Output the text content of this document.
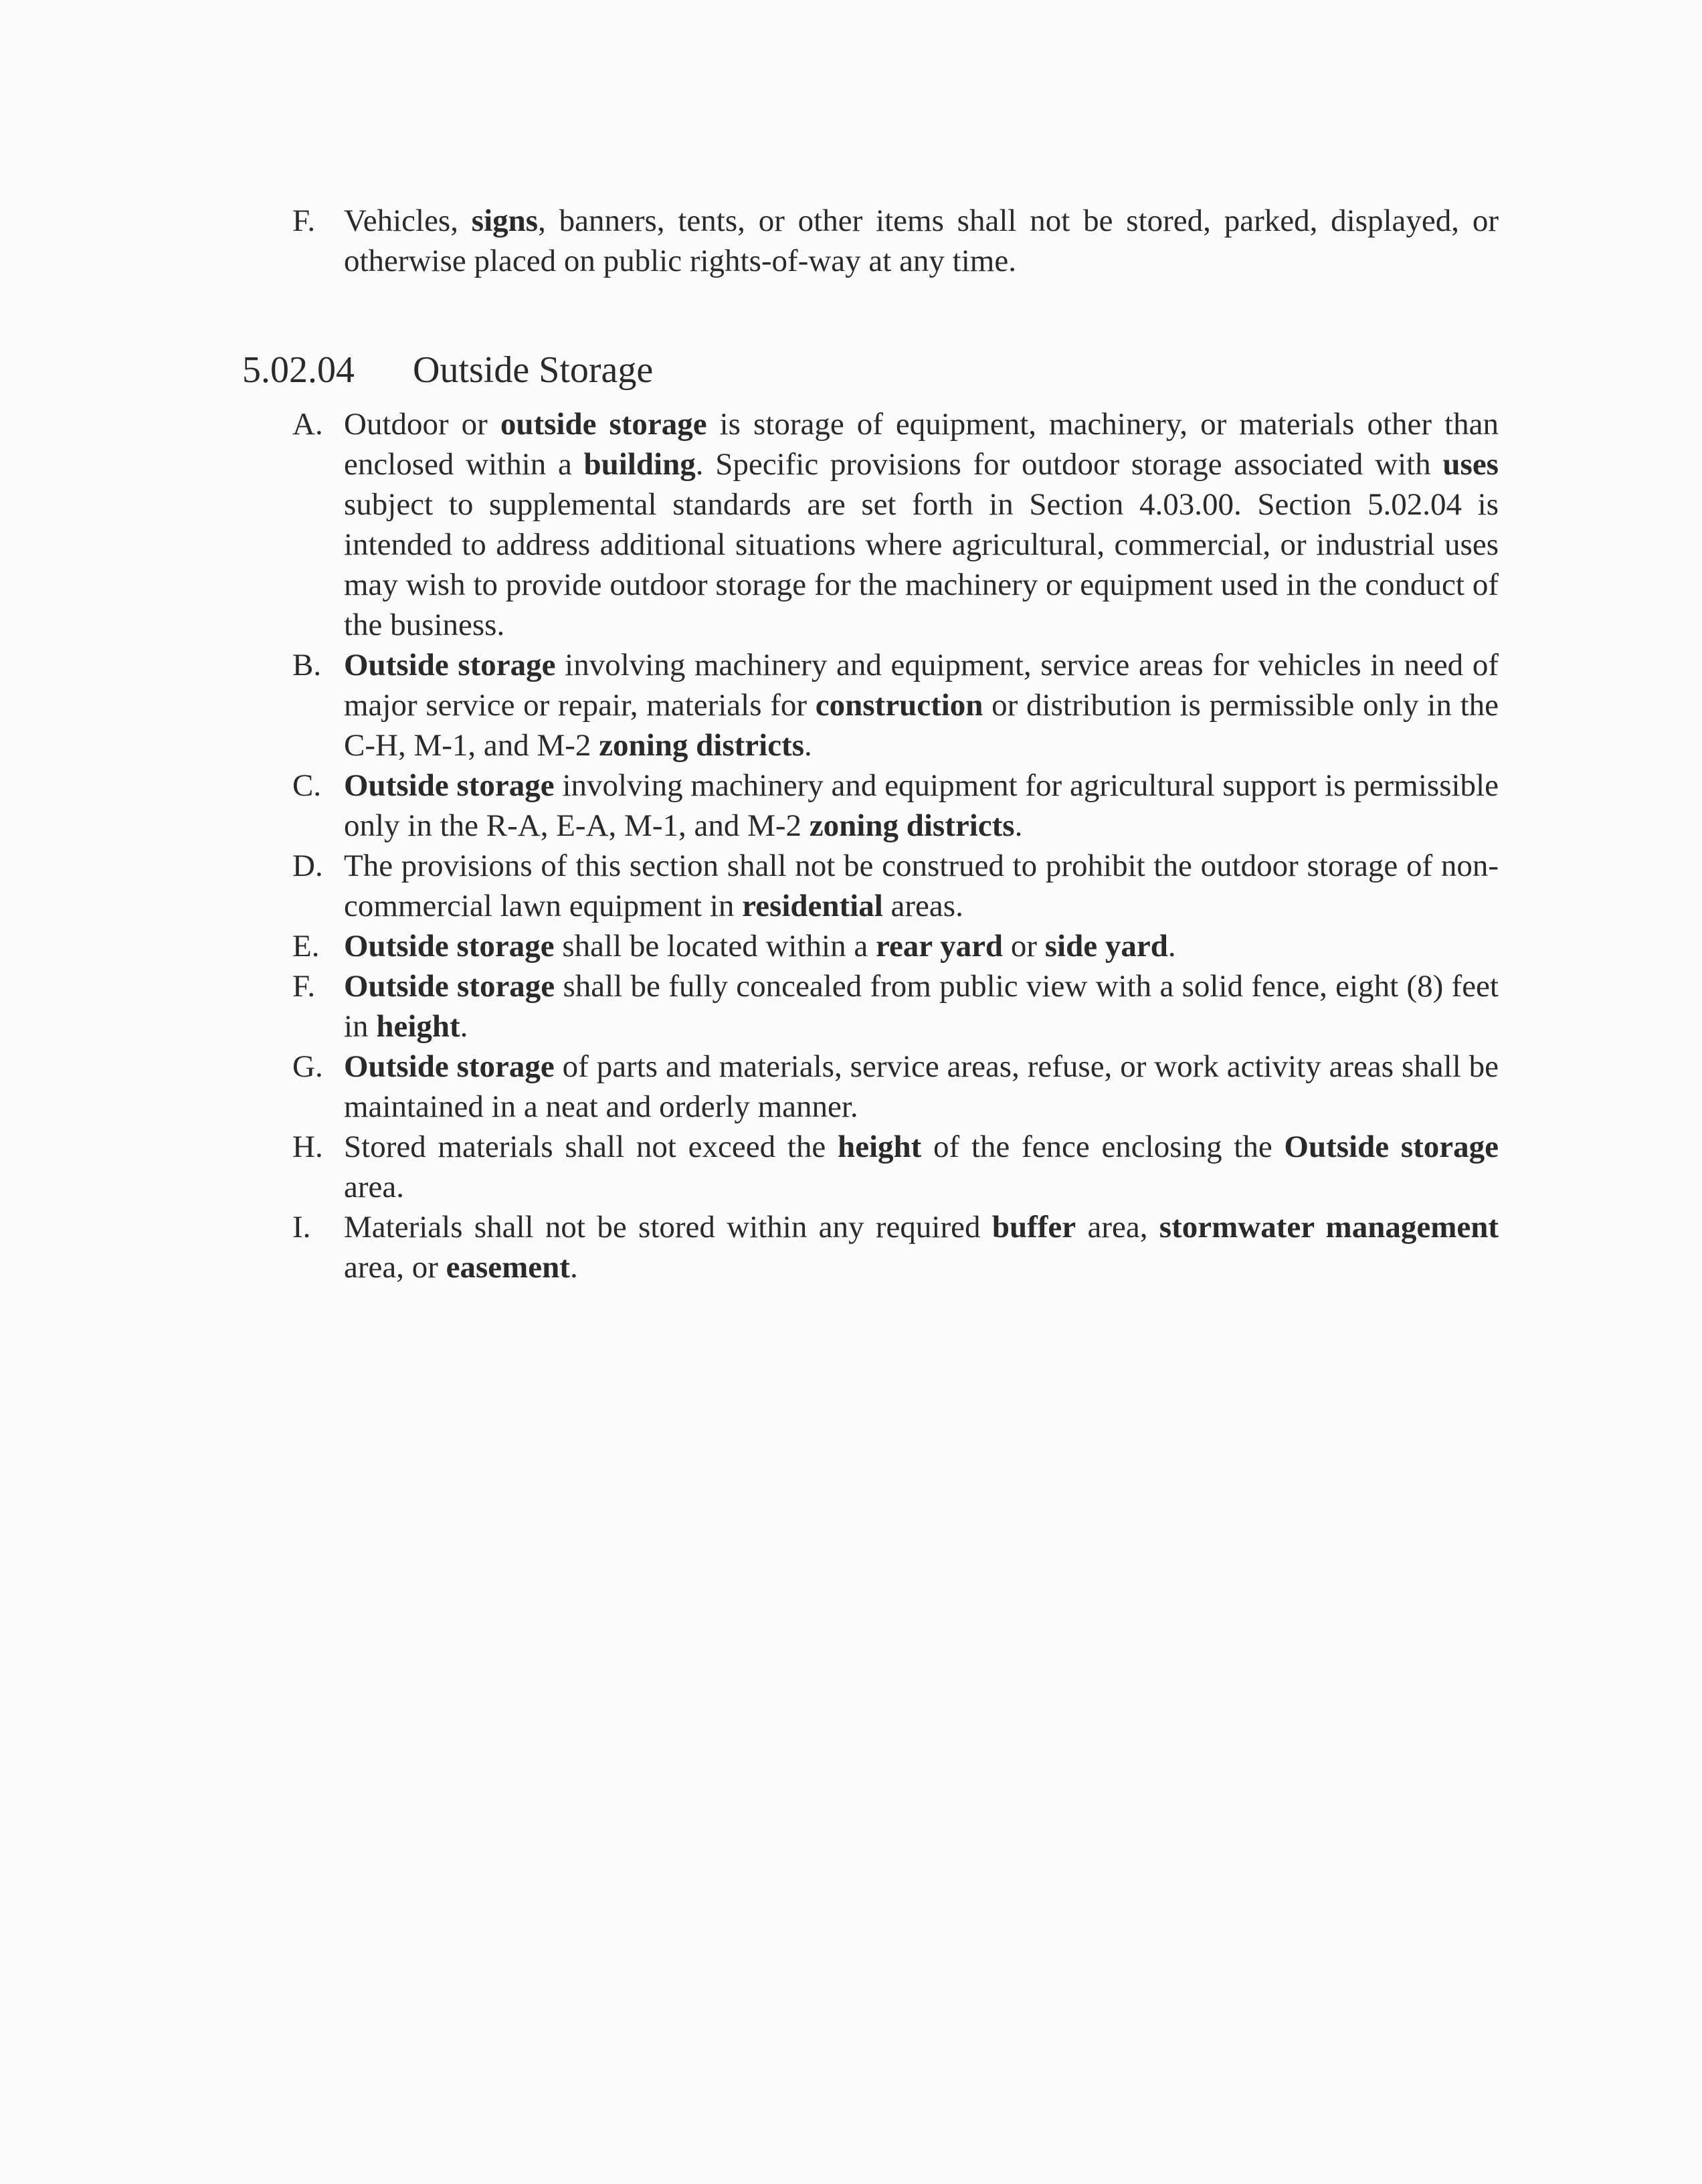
F. Vehicles, signs, banners, tents, or other items shall not be stored, parked, displayed, or otherwise placed on public rights-of-way at any time.
5.02.04 Outside Storage
A. Outdoor or outside storage is storage of equipment, machinery, or materials other than enclosed within a building. Specific provisions for outdoor storage associated with uses subject to supplemental standards are set forth in Section 4.03.00. Section 5.02.04 is intended to address additional situations where agricultural, commercial, or industrial uses may wish to provide outdoor storage for the machinery or equipment used in the conduct of the business.
B. Outside storage involving machinery and equipment, service areas for vehicles in need of major service or repair, materials for construction or distribution is permissible only in the C-H, M-1, and M-2 zoning districts.
C. Outside storage involving machinery and equipment for agricultural support is permissible only in the R-A, E-A, M-1, and M-2 zoning districts.
D. The provisions of this section shall not be construed to prohibit the outdoor storage of non-commercial lawn equipment in residential areas.
E. Outside storage shall be located within a rear yard or side yard.
F. Outside storage shall be fully concealed from public view with a solid fence, eight (8) feet in height.
G. Outside storage of parts and materials, service areas, refuse, or work activity areas shall be maintained in a neat and orderly manner.
H. Stored materials shall not exceed the height of the fence enclosing the Outside storage area.
I.	Materials shall not be stored within any required buffer area, stormwater management area, or easement.
